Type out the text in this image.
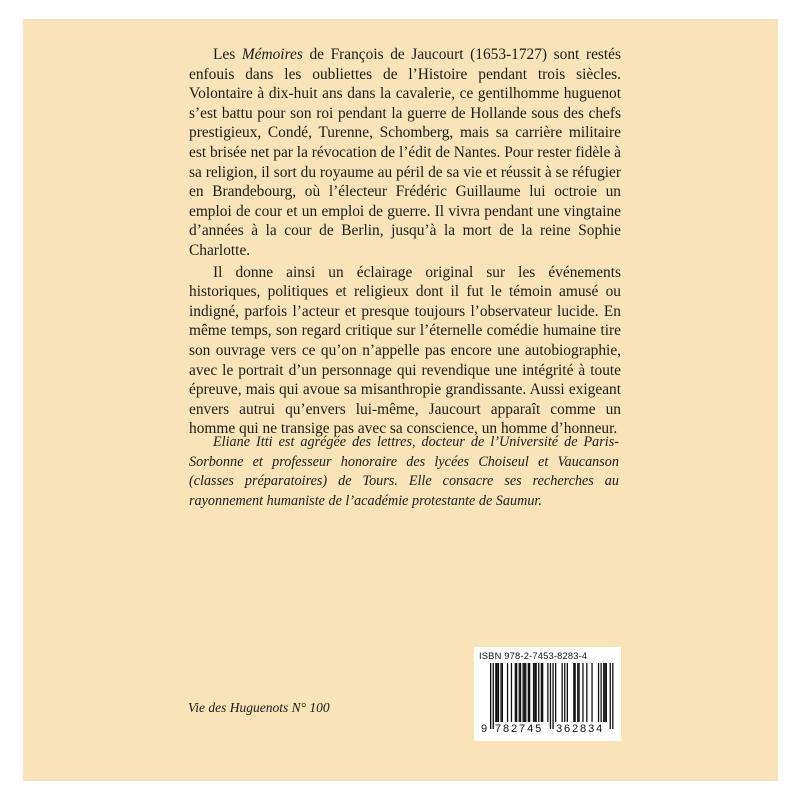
Les Mémoires de François de Jaucourt (1653-1727) sont restés enfouis dans les oubliettes de l’Histoire pendant trois siècles. Volontaire à dix-huit ans dans la cavalerie, ce gentilhomme huguenot s’est battu pour son roi pendant la guerre de Hollande sous des chefs prestigieux, Condé, Turenne, Schomberg, mais sa carrière militaire est brisée net par la révocation de l’édit de Nantes. Pour rester fidèle à sa religion, il sort du royaume au péril de sa vie et réussit à se réfugier en Brandebourg, où l’électeur Frédéric Guillaume lui octroie un emploi de cour et un emploi de guerre. Il vivra pendant une vingtaine d’années à la cour de Berlin, jusqu’à la mort de la reine Sophie Charlotte.

Il donne ainsi un éclairage original sur les événements historiques, politiques et religieux dont il fut le témoin amusé ou indigné, parfois l’acteur et presque toujours l’observateur lucide. En même temps, son regard critique sur l’éternelle comédie humaine tire son ouvrage vers ce qu’on n’appelle pas encore une autobiographie, avec le portrait d’un personnage qui revendique une intégrité à toute épreuve, mais qui avoue sa misanthropie grandissante. Aussi exigeant envers autrui qu’envers lui-même, Jaucourt apparaît comme un homme qui ne transige pas avec sa conscience, un homme d’honneur.

Eliane Itti est agrégée des lettres, docteur de l’Université de Paris-Sorbonne et professeur honoraire des lycées Choiseul et Vaucanson (classes préparatoires) de Tours. Elle consacre ses recherches au rayonnement humaniste de l’académie protestante de Saumur.

Vie des Huguenots N° 100
ISBN 978-2-7453-8283-4
9 782745 362834
